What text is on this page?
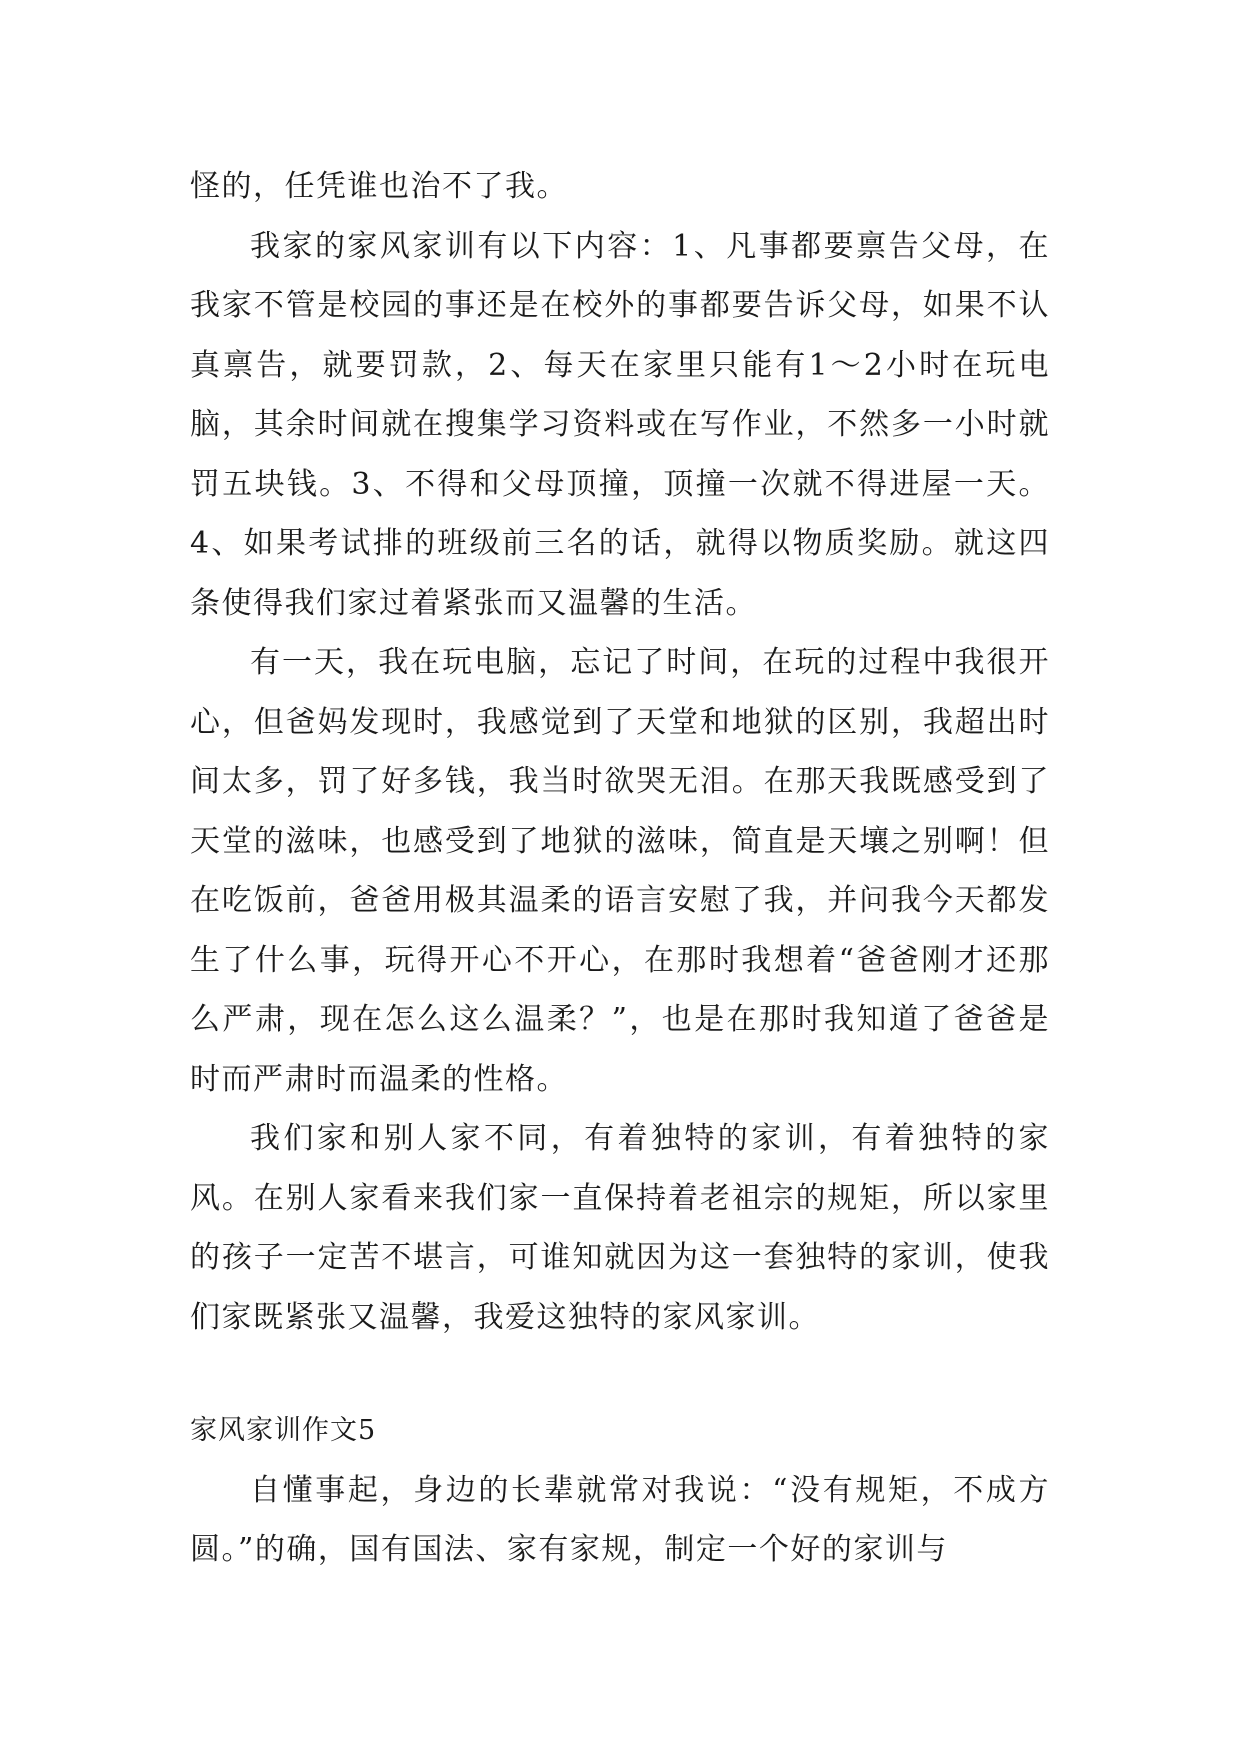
怪的，任凭谁也治不了我。

我家的家风家训有以下内容：1、凡事都要禀告父母，在我家不管是校园的事还是在校外的事都要告诉父母，如果不认真禀告，就要罚款，2、每天在家里只能有1～2小时在玩电脑，其余时间就在搜集学习资料或在写作业，不然多一小时就罚五块钱。3、不得和父母顶撞，顶撞一次就不得进屋一天。4、如果考试排的班级前三名的话，就得以物质奖励。就这四条使得我们家过着紧张而又温馨的生活。

有一天，我在玩电脑，忘记了时间，在玩的过程中我很开心，但爸妈发现时，我感觉到了天堂和地狱的区别，我超出时间太多，罚了好多钱，我当时欲哭无泪。在那天我既感受到了天堂的滋味，也感受到了地狱的滋味，简直是天壤之别啊！但在吃饭前，爸爸用极其温柔的语言安慰了我，并问我今天都发生了什么事，玩得开心不开心，在那时我想着“爸爸刚才还那么严肃，现在怎么这么温柔？”，也是在那时我知道了爸爸是时而严肃时而温柔的性格。

我们家和别人家不同，有着独特的家训，有着独特的家风。在别人家看来我们家一直保持着老祖宗的规矩，所以家里的孩子一定苦不堪言，可谁知就因为这一套独特的家训，使我们家既紧张又温馨，我爱这独特的家风家训。

家风家训作文5

自懂事起，身边的长辈就常对我说：“没有规矩，不成方圆。”的确，国有国法、家有家规，制定一个好的家训与
